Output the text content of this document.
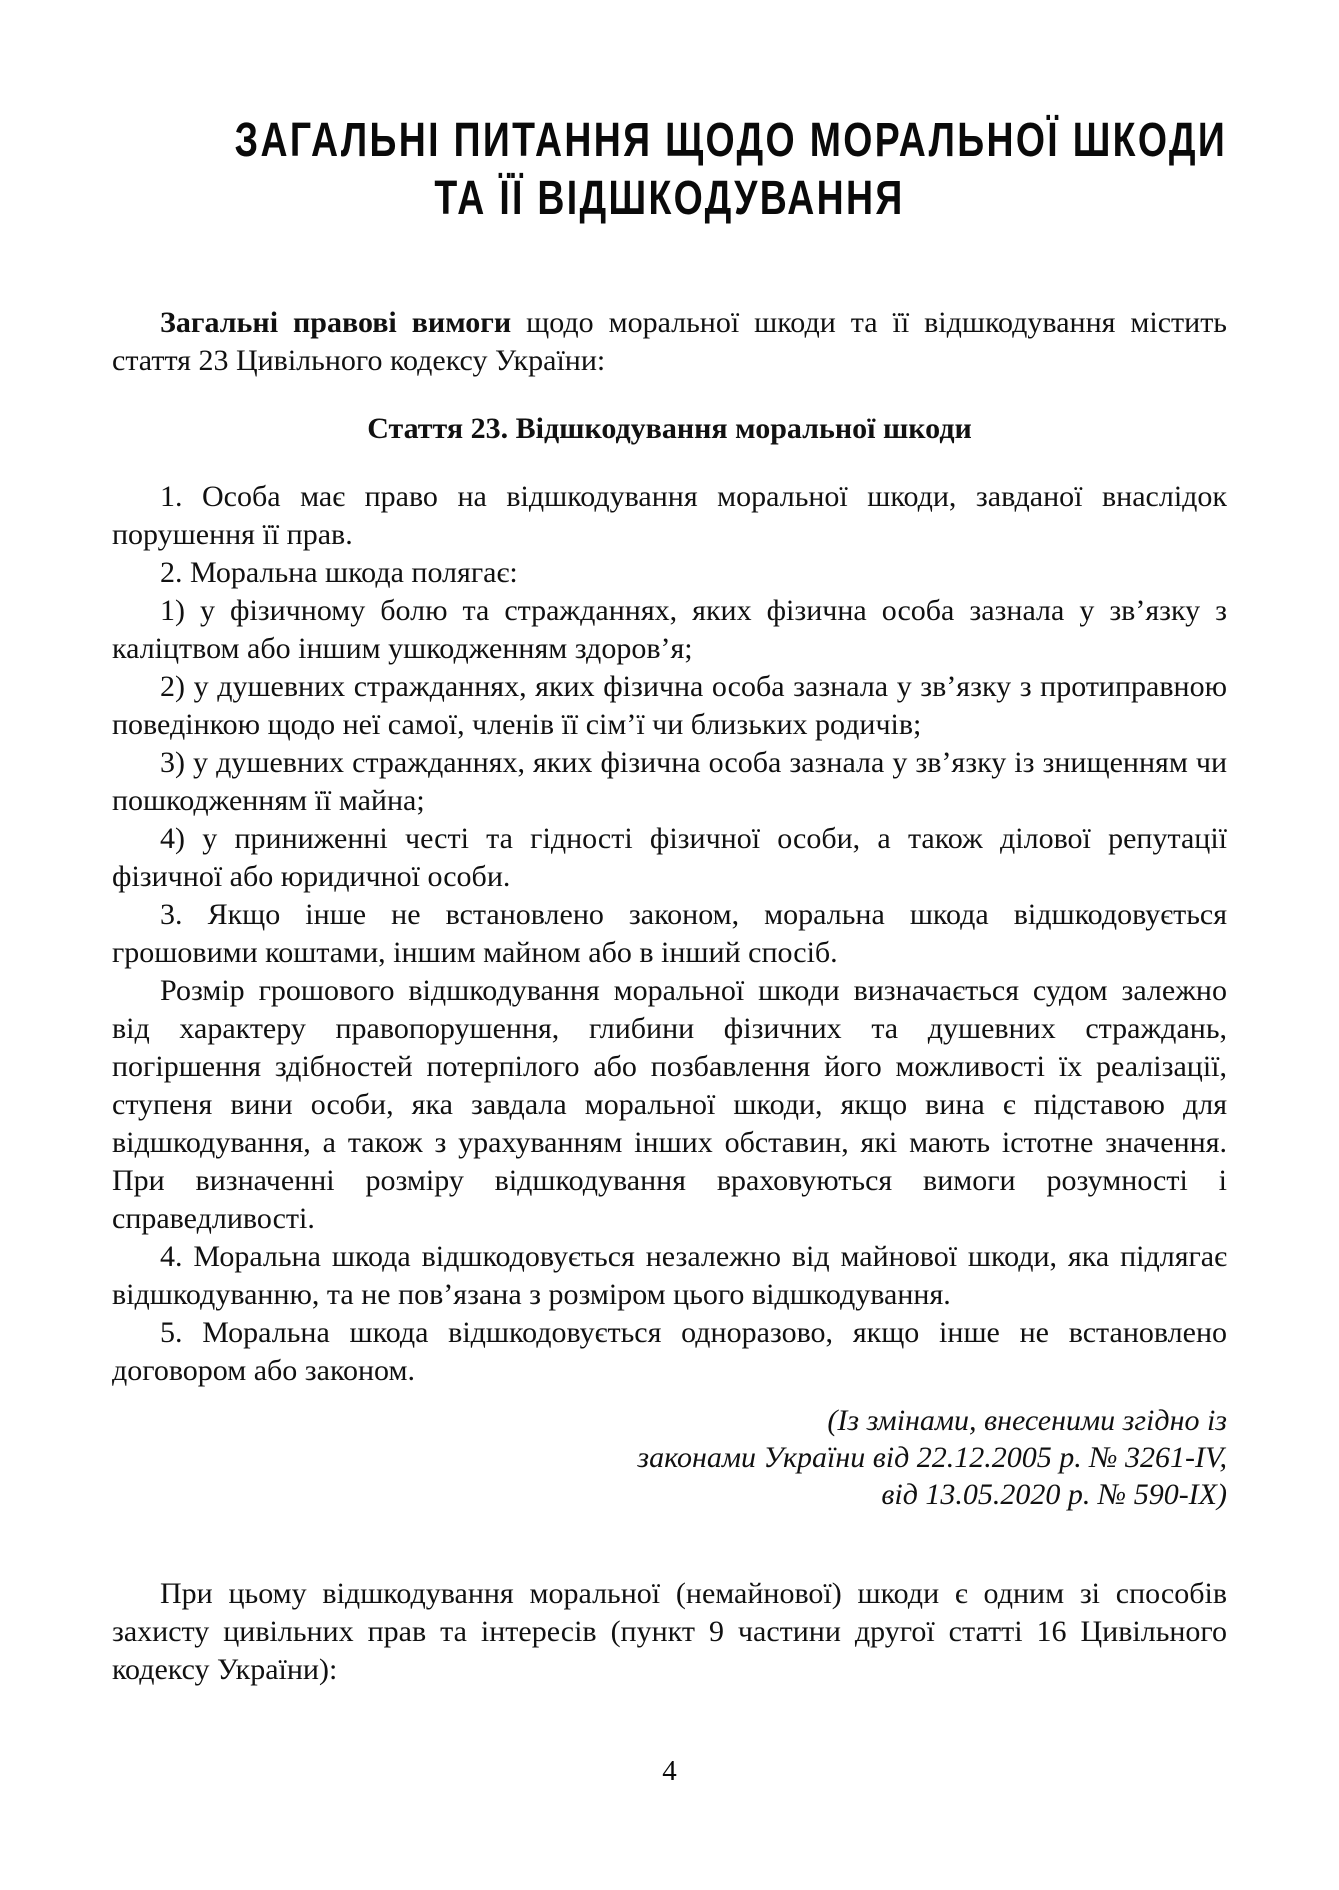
ЗАГАЛЬНІ ПИТАННЯ ЩОДО МОРАЛЬНОЇ ШКОДИ
ТА ЇЇ ВІДШКОДУВАННЯ

Загальні правові вимоги щодо моральної шкоди та її відшкодування містить стаття 23 Цивільного кодексу України:

Стаття 23. Відшкодування моральної шкоди

1. Особа має право на відшкодування моральної шкоди, завданої внаслідок порушення її прав.

2. Моральна шкода полягає:

1) у фізичному болю та стражданнях, яких фізична особа зазнала у зв’язку з каліцтвом або іншим ушкодженням здоров’я;

2) у душевних стражданнях, яких фізична особа зазнала у зв’язку з протиправною поведінкою щодо неї самої, членів її сім’ї чи близьких родичів;

3) у душевних стражданнях, яких фізична особа зазнала у зв’язку із знищенням чи пошкодженням її майна;

4) у приниженні честі та гідності фізичної особи, а також ділової репутації фізичної або юридичної особи.

3. Якщо інше не встановлено законом, моральна шкода відшкодовується грошовими коштами, іншим майном або в інший спосіб.

Розмір грошового відшкодування моральної шкоди визначається судом залежно від характеру правопорушення, глибини фізичних та душевних страждань, погіршення здібностей потерпілого або позбавлення його можливості їх реалізації, ступеня вини особи, яка завдала моральної шкоди, якщо вина є підставою для відшкодування, а також з урахуванням інших обставин, які мають істотне значення. При визначенні розміру відшкодування враховуються вимоги розумності і справедливості.

4. Моральна шкода відшкодовується незалежно від майнової шкоди, яка підлягає відшкодуванню, та не пов’язана з розміром цього відшкодування.

5. Моральна шкода відшкодовується одноразово, якщо інше не встановлено договором або законом.

(Із змінами, внесеними згідно із
законами України від 22.12.2005 р. № 3261-IV,
від 13.05.2020 р. № 590-IX)

При цьому відшкодування моральної (немайнової) шкоди є одним зі способів захисту цивільних прав та інтересів (пункт 9 частини другої статті 16 Цивільного кодексу України):

4
